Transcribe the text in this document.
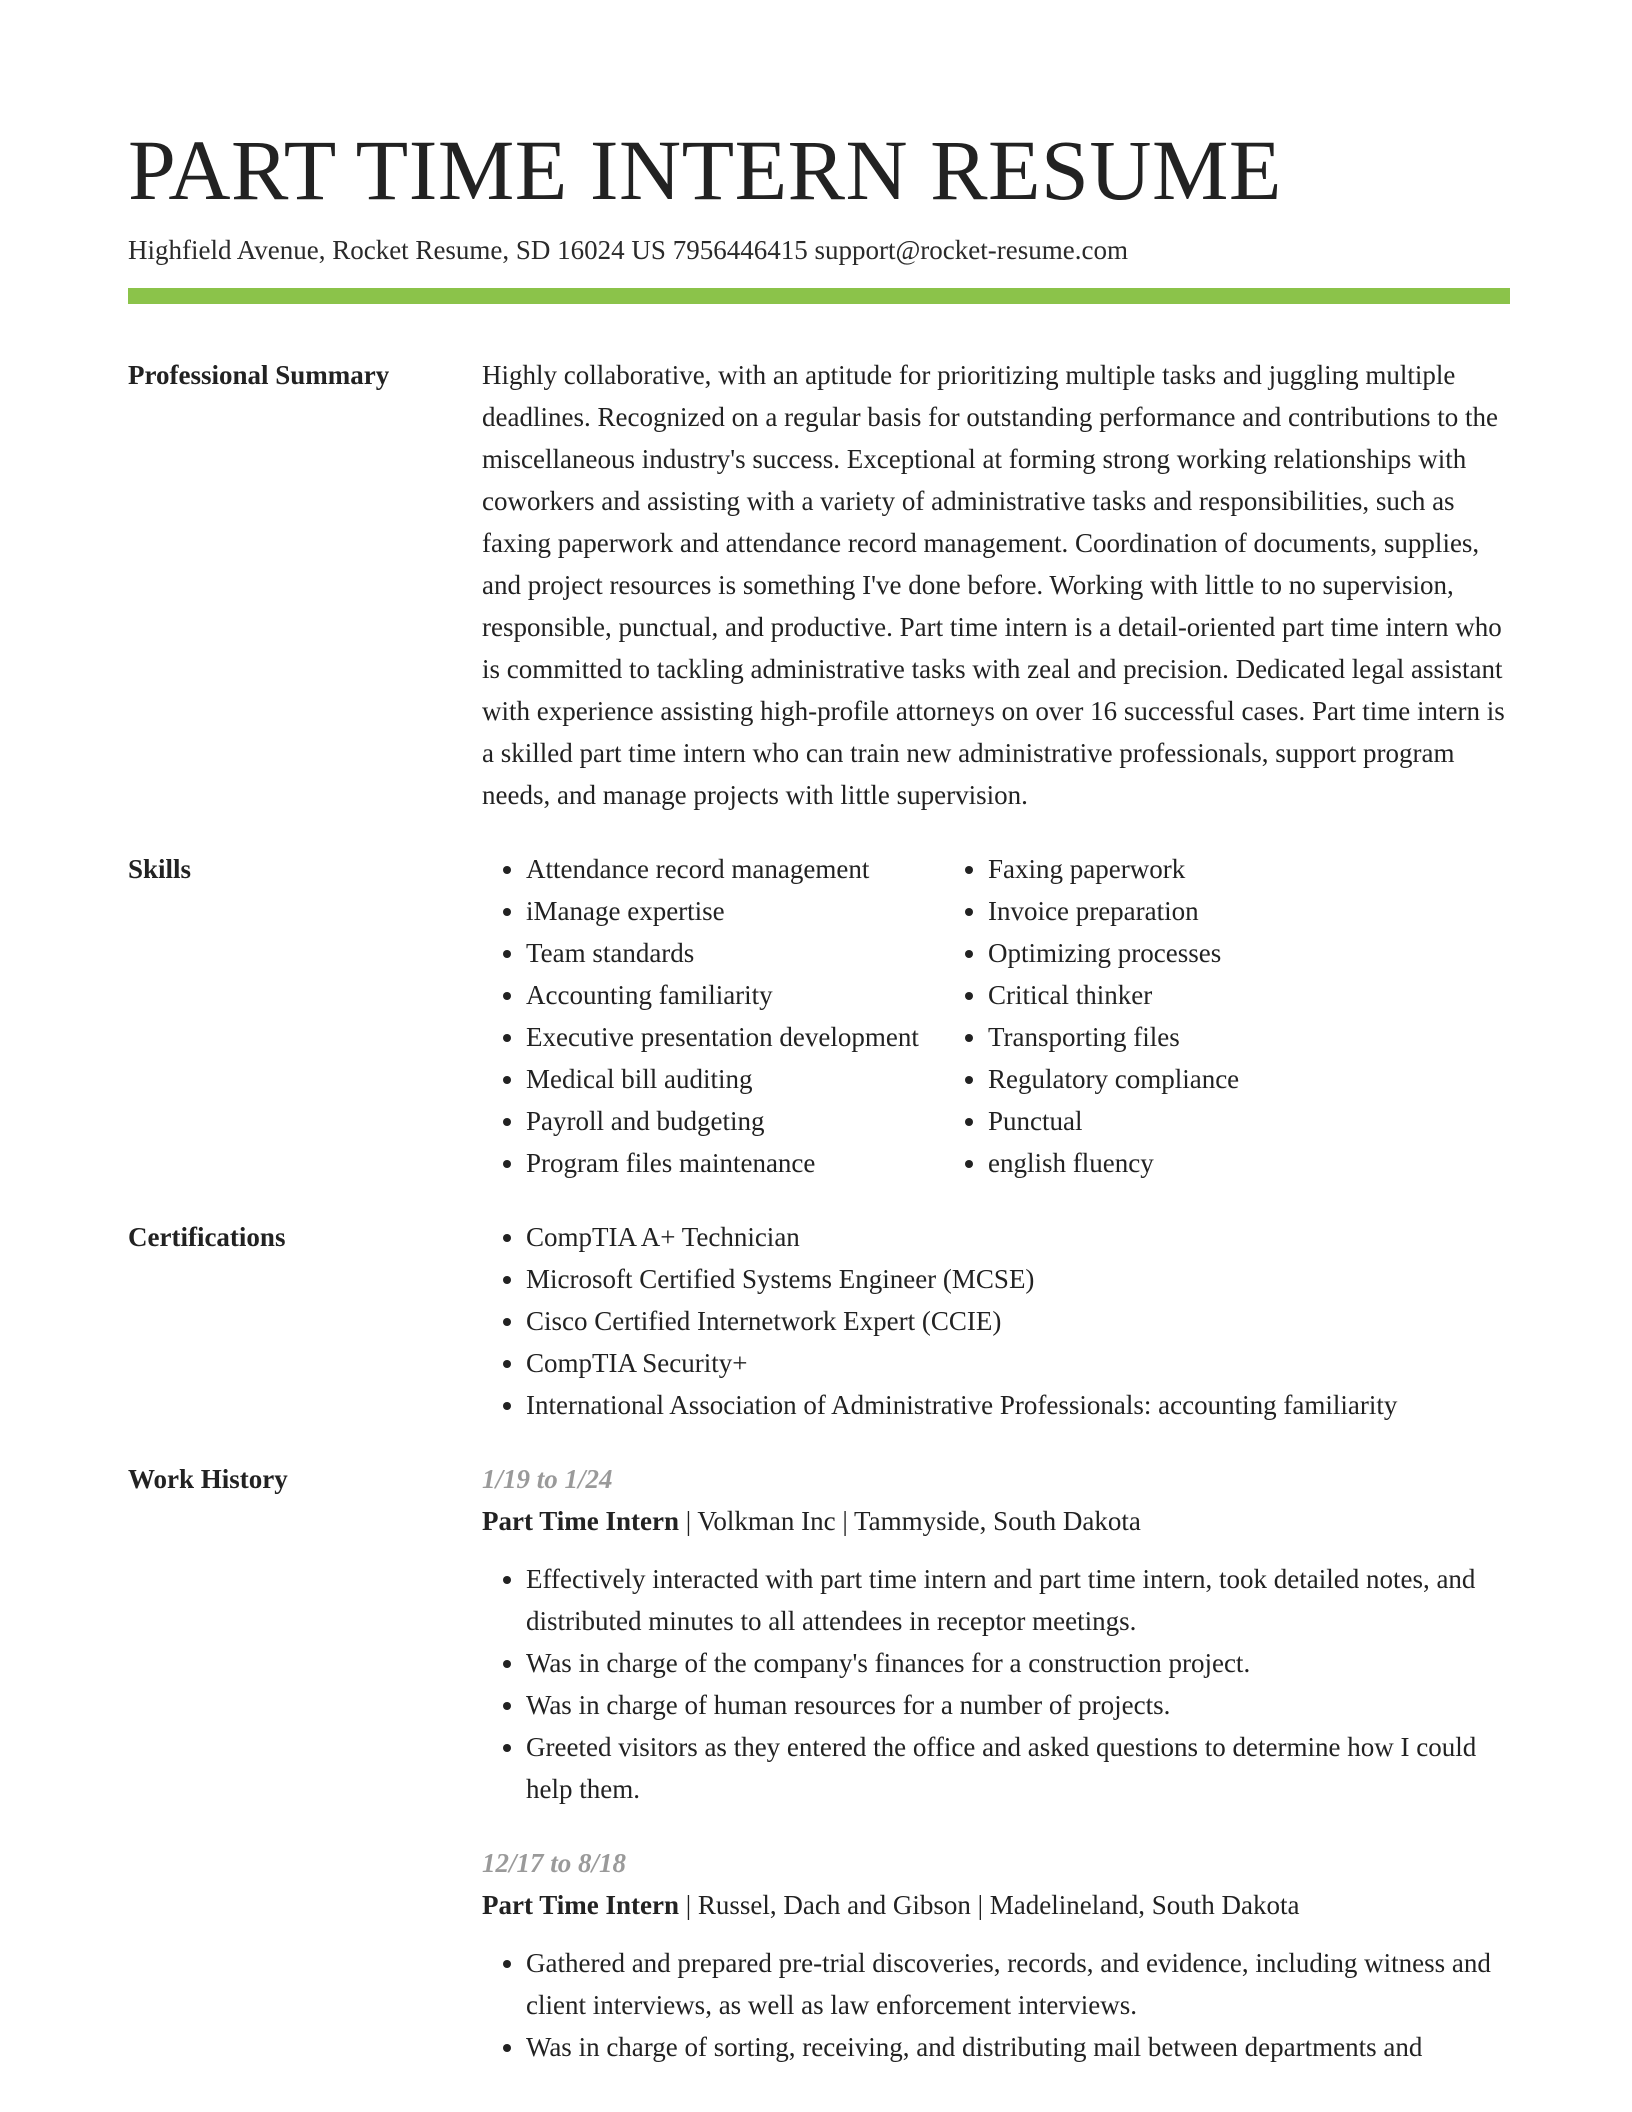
PART TIME INTERN RESUME
Highfield Avenue, Rocket Resume, SD 16024 US 7956446415 support@rocket-resume.com
Professional Summary	Highly collaborative, with an aptitude for prioritizing multiple tasks and juggling multiple deadlines. Recognized on a regular basis for outstanding performance and contributions to the miscellaneous industry's success. Exceptional at forming strong working relationships with coworkers and assisting with a variety of administrative tasks and responsibilities, such as faxing paperwork and attendance record management. Coordination of documents, supplies, and project resources is something I've done before. Working with little to no supervision, responsible, punctual, and productive. Part time intern is a detail-oriented part time intern who is committed to tackling administrative tasks with zeal and precision. Dedicated legal assistant with experience assisting high-profile attorneys on over 16 successful cases. Part time intern is a skilled part time intern who can train new administrative professionals, support program needs, and manage projects with little supervision.
Skills	• Attendance record management
• iManage expertise
• Team standards
• Accounting familiarity
• Executive presentation development
• Medical bill auditing
• Payroll and budgeting
• Program files maintenance
• Faxing paperwork
• Invoice preparation
• Optimizing processes
• Critical thinker
• Transporting files
• Regulatory compliance
• Punctual
• english fluency
Certifications	• CompTIA A+ Technician
• Microsoft Certified Systems Engineer (MCSE)
• Cisco Certified Internetwork Expert (CCIE)
• CompTIA Security+
• International Association of Administrative Professionals: accounting familiarity
Work History	1/19 to 1/24
Part Time Intern | Volkman Inc | Tammyside, South Dakota
• Effectively interacted with part time intern and part time intern, took detailed notes, and distributed minutes to all attendees in receptor meetings.
• Was in charge of the company's finances for a construction project.
• Was in charge of human resources for a number of projects.
• Greeted visitors as they entered the office and asked questions to determine how I could help them.
12/17 to 8/18
Part Time Intern | Russel, Dach and Gibson | Madelineland, South Dakota
• Gathered and prepared pre-trial discoveries, records, and evidence, including witness and client interviews, as well as law enforcement interviews.
• Was in charge of sorting, receiving, and distributing mail between departments and
